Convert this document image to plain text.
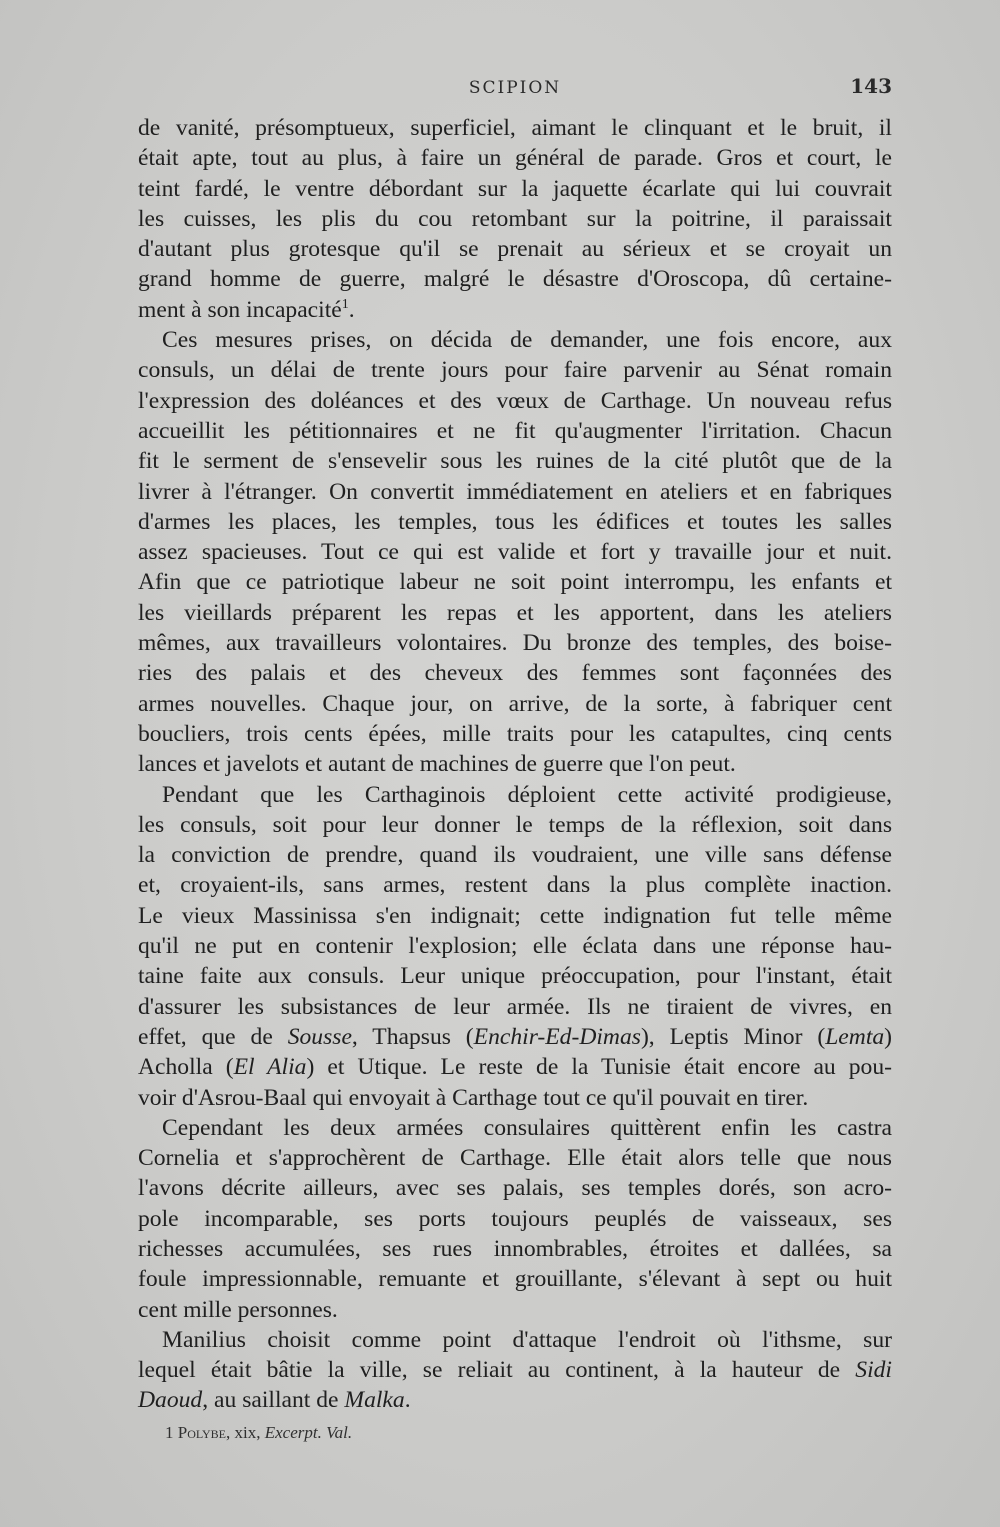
SCIPION	143
de vanité, présomptueux, superficiel, aimant le clinquant et le bruit, il
était apte, tout au plus, à faire un général de parade. Gros et court, le
teint fardé, le ventre débordant sur la jaquette écarlate qui lui couvrait
les cuisses, les plis du cou retombant sur la poitrine, il paraissait
d'autant plus grotesque qu'il se prenait au sérieux et se croyait un
grand homme de guerre, malgré le désastre d'Oroscopa, dû certaine-
ment à son incapacité$^1$.
Ces mesures prises, on décida de demander, une fois encore, aux
consuls, un délai de trente jours pour faire parvenir au Sénat romain
l'expression des doléances et des vœux de Carthage. Un nouveau refus
accueillit les pétitionnaires et ne fit qu'augmenter l'irritation. Chacun
fit le serment de s'ensevelir sous les ruines de la cité plutôt que de la
livrer à l'étranger. On convertit immédiatement en ateliers et en fabriques
d'armes les places, les temples, tous les édifices et toutes les salles
assez spacieuses. Tout ce qui est valide et fort y travaille jour et nuit.
Afin que ce patriotique labeur ne soit point interrompu, les enfants et
les vieillards préparent les repas et les apportent, dans les ateliers
mêmes, aux travailleurs volontaires. Du bronze des temples, des boise-
ries des palais et des cheveux des femmes sont façonnées des
armes nouvelles. Chaque jour, on arrive, de la sorte, à fabriquer cent
boucliers, trois cents épées, mille traits pour les catapultes, cinq cents
lances et javelots et autant de machines de guerre que l'on peut.
Pendant que les Carthaginois déploient cette activité prodigieuse,
les consuls, soit pour leur donner le temps de la réflexion, soit dans
la conviction de prendre, quand ils voudraient, une ville sans défense
et, croyaient-ils, sans armes, restent dans la plus complète inaction.
Le vieux Massinissa s'en indignait; cette indignation fut telle même
qu'il ne put en contenir l'explosion; elle éclata dans une réponse hau-
taine faite aux consuls. Leur unique préoccupation, pour l'instant, était
d'assurer les subsistances de leur armée. Ils ne tiraient de vivres, en
effet, que de Sousse, Thapsus (Enchir-Ed-Dimas), Leptis Minor (Lemta)
Acholla (El Alia) et Utique. Le reste de la Tunisie était encore au pou-
voir d'Asrou-Baal qui envoyait à Carthage tout ce qu'il pouvait en tirer.
Cependant les deux armées consulaires quittèrent enfin les castra
Cornelia et s'approchèrent de Carthage. Elle était alors telle que nous
l'avons décrite ailleurs, avec ses palais, ses temples dorés, son acro-
pole incomparable, ses ports toujours peuplés de vaisseaux, ses
richesses accumulées, ses rues innombrables, étroites et dallées, sa
foule impressionnable, remuante et grouillante, s'élevant à sept ou huit
cent mille personnes.
Manilius choisit comme point d'attaque l'endroit où l'ithsme, sur
lequel était bâtie la ville, se reliait au continent, à la hauteur de Sidi
Daoud, au saillant de Malka.
1 Polybe, xix, Excerpt. Val.
